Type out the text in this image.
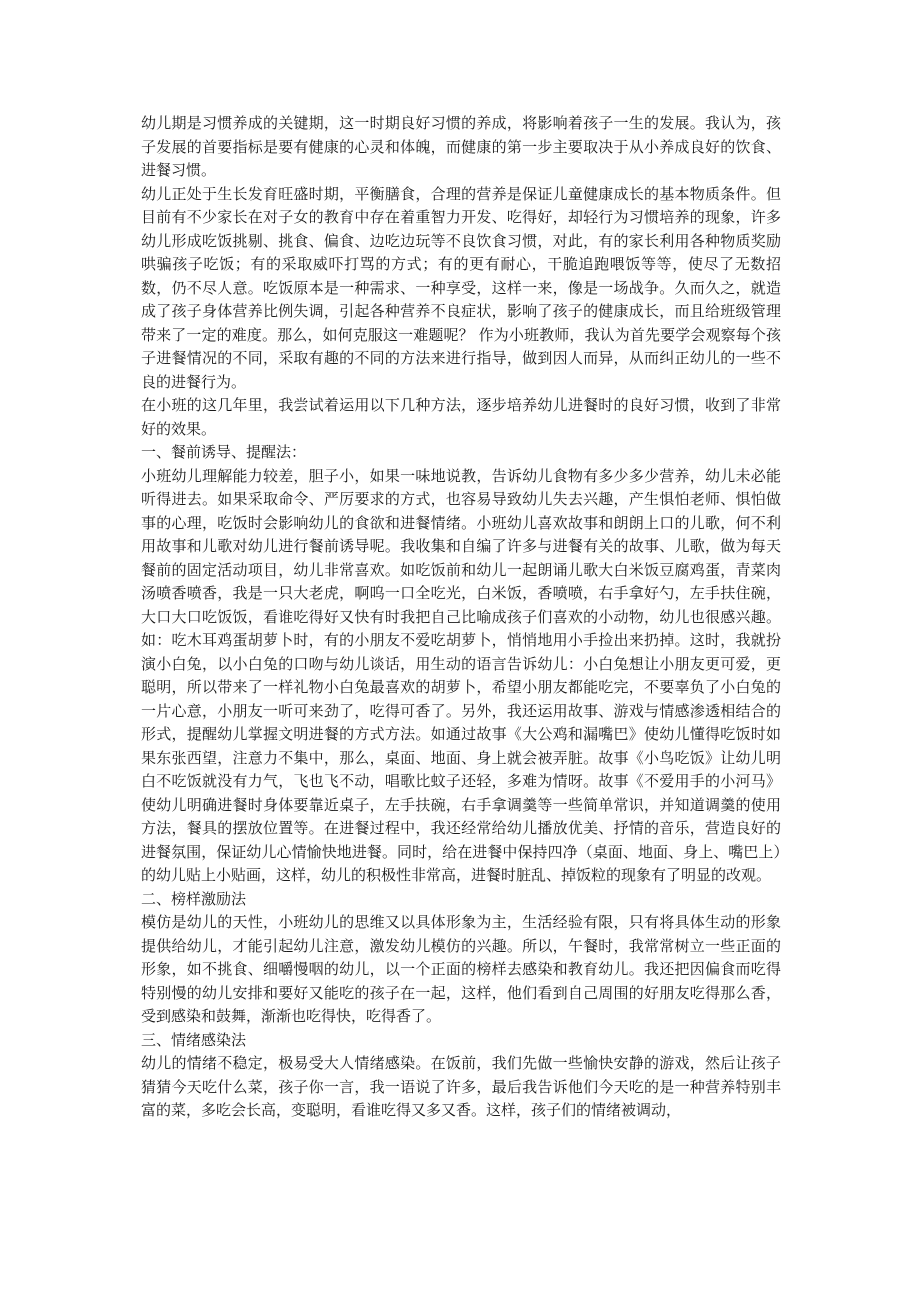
幼儿期是习惯养成的关键期，这一时期良好习惯的养成，将影响着孩子一生的发展。我认为，孩子发展的首要指标是要有健康的心灵和体魄，而健康的第一步主要取决于从小养成良好的饮食、进餐习惯。

幼儿正处于生长发育旺盛时期，平衡膳食，合理的营养是保证儿童健康成长的基本物质条件。但目前有不少家长在对子女的教育中存在着重智力开发、吃得好，却轻行为习惯培养的现象，许多幼儿形成吃饭挑剔、挑食、偏食、边吃边玩等不良饮食习惯，对此，有的家长利用各种物质奖励哄骗孩子吃饭；有的采取威吓打骂的方式；有的更有耐心，干脆追跑喂饭等等，使尽了无数招数，仍不尽人意。吃饭原本是一种需求、一种享受，这样一来，像是一场战争。久而久之，就造成了孩子身体营养比例失调，引起各种营养不良症状，影响了孩子的健康成长，而且给班级管理带来了一定的难度。那么，如何克服这一难题呢？ 作为小班教师，我认为首先要学会观察每个孩子进餐情况的不同，采取有趣的不同的方法来进行指导，做到因人而异，从而纠正幼儿的一些不良的进餐行为。

在小班的这几年里，我尝试着运用以下几种方法，逐步培养幼儿进餐时的良好习惯，收到了非常好的效果。

一、餐前诱导、提醒法：

小班幼儿理解能力较差，胆子小，如果一味地说教，告诉幼儿食物有多少多少营养，幼儿未必能听得进去。如果采取命令、严厉要求的方式，也容易导致幼儿失去兴趣，产生惧怕老师、惧怕做事的心理，吃饭时会影响幼儿的食欲和进餐情绪。小班幼儿喜欢故事和朗朗上口的儿歌，何不利用故事和儿歌对幼儿进行餐前诱导呢。我收集和自编了许多与进餐有关的故事、儿歌，做为每天餐前的固定活动项目，幼儿非常喜欢。如吃饭前和幼儿一起朗诵儿歌大白米饭豆腐鸡蛋，青菜肉汤喷香喷香，我是一只大老虎，啊呜一口全吃光，白米饭，香喷喷，右手拿好勺，左手扶住碗，大口大口吃饭饭，看谁吃得好又快有时我把自己比喻成孩子们喜欢的小动物，幼儿也很感兴趣。如：吃木耳鸡蛋胡萝卜时，有的小朋友不爱吃胡萝卜，悄悄地用小手捡出来扔掉。这时，我就扮演小白兔，以小白兔的口吻与幼儿谈话，用生动的语言告诉幼儿：小白兔想让小朋友更可爱，更聪明，所以带来了一样礼物小白兔最喜欢的胡萝卜，希望小朋友都能吃完，不要辜负了小白兔的一片心意，小朋友一听可来劲了，吃得可香了。另外，我还运用故事、游戏与情感渗透相结合的形式，提醒幼儿掌握文明进餐的方式方法。如通过故事《大公鸡和漏嘴巴》使幼儿懂得吃饭时如果东张西望，注意力不集中，那么，桌面、地面、身上就会被弄脏。故事《小鸟吃饭》让幼儿明白不吃饭就没有力气，飞也飞不动，唱歌比蚊子还轻，多难为情呀。故事《不爱用手的小河马》使幼儿明确进餐时身体要靠近桌子，左手扶碗，右手拿调羹等一些简单常识，并知道调羹的使用方法，餐具的摆放位置等。在进餐过程中，我还经常给幼儿播放优美、抒情的音乐，营造良好的进餐氛围，保证幼儿心情愉快地进餐。同时，给在进餐中保持四净（桌面、地面、身上、嘴巴上）的幼儿贴上小贴画，这样，幼儿的积极性非常高，进餐时脏乱、掉饭粒的现象有了明显的改观。

二、榜样激励法

模仿是幼儿的天性，小班幼儿的思维又以具体形象为主，生活经验有限，只有将具体生动的形象提供给幼儿，才能引起幼儿注意，激发幼儿模仿的兴趣。所以，午餐时，我常常树立一些正面的形象，如不挑食、细嚼慢咽的幼儿，以一个正面的榜样去感染和教育幼儿。我还把因偏食而吃得特别慢的幼儿安排和要好又能吃的孩子在一起，这样，他们看到自己周围的好朋友吃得那么香，受到感染和鼓舞，渐渐也吃得快，吃得香了。

三、情绪感染法

幼儿的情绪不稳定，极易受大人情绪感染。在饭前，我们先做一些愉快安静的游戏，然后让孩子猜猜今天吃什么菜，孩子你一言，我一语说了许多，最后我告诉他们今天吃的是一种营养特别丰富的菜，多吃会长高，变聪明，看谁吃得又多又香。这样，孩子们的情绪被调动，
